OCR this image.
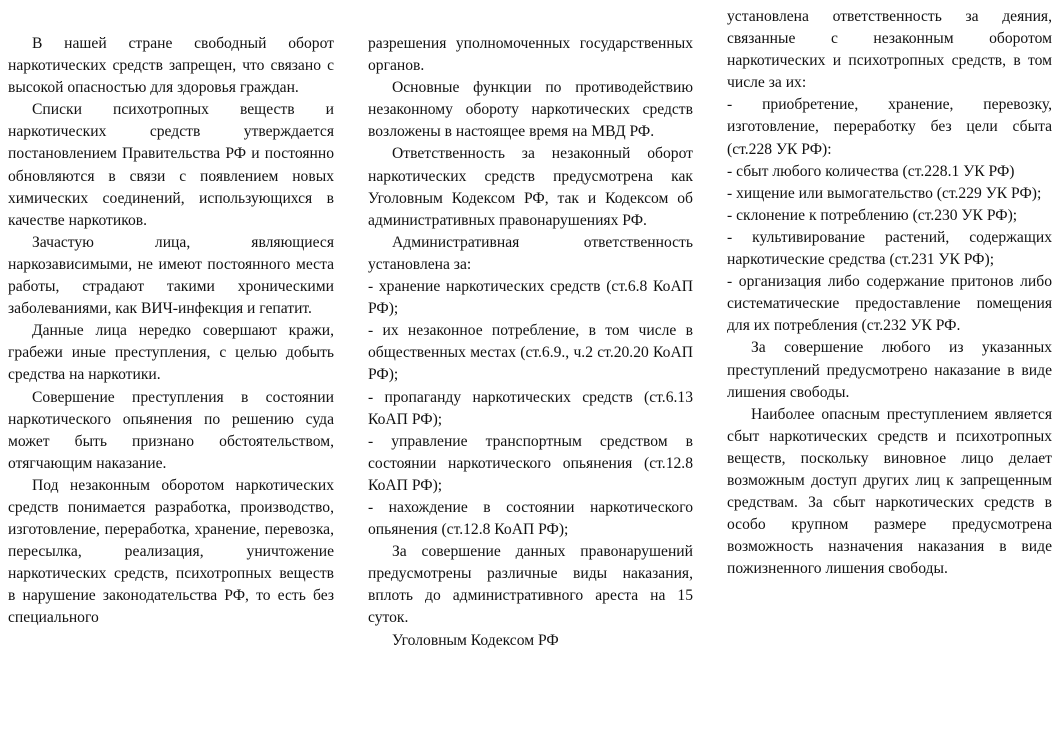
В нашей стране свободный оборот наркотических средств запрещен, что связано с высокой опасностью для здоровья граждан.

Списки психотропных веществ и наркотических средств утверждается постановлением Правительства РФ и постоянно обновляются в связи с появлением новых химических соединений, использующихся в качестве наркотиков.

Зачастую лица, являющиеся наркозависимыми, не имеют постоянного места работы, страдают такими хроническими заболеваниями, как ВИЧ-инфекция и гепатит.

Данные лица нередко совершают кражи, грабежи иные преступления, с целью добыть средства на наркотики.

Совершение преступления в состоянии наркотического опьянения по решению суда может быть признано обстоятельством, отягчающим наказание.

Под незаконным оборотом наркотических средств понимается разработка, производство, изготовление, переработка, хранение, перевозка, пересылка, реализация, уничтожение наркотических средств, психотропных веществ в нарушение законодательства РФ, то есть без специального

разрешения уполномоченных государственных органов.

Основные функции по противодействию незаконному обороту наркотических средств возложены в настоящее время на МВД РФ.

Ответственность за незаконный оборот наркотических средств предусмотрена как Уголовным Кодексом РФ, так и Кодексом об административных правонарушениях РФ.

Административная ответственность установлена за:

- хранение наркотических средств (ст.6.8 КоАП РФ);

- их незаконное потребление, в том числе в общественных местах (ст.6.9., ч.2 ст.20.20 КоАП РФ);

- пропаганду наркотических средств (ст.6.13 КоАП РФ);

- управление транспортным средством в состоянии наркотического опьянения (ст.12.8 КоАП РФ);

- нахождение в состоянии наркотического опьянения (ст.12.8 КоАП РФ);

За совершение данных правонарушений предусмотрены различные виды наказания, вплоть до административного ареста на 15 суток.

Уголовным Кодексом РФ

установлена ответственность за деяния, связанные с незаконным оборотом наркотических и психотропных средств, в том числе за их:

- приобретение, хранение, перевозку, изготовление, переработку без цели сбыта (ст.228 УК РФ):

- сбыт любого количества (ст.228.1 УК РФ)

- хищение или вымогательство (ст.229 УК РФ);

- склонение к потреблению (ст.230 УК РФ);

- культивирование растений, содержащих наркотические средства (ст.231 УК РФ);

- организация либо содержание притонов либо систематические предоставление помещения для их потребления (ст.232 УК РФ.

За совершение любого из указанных преступлений предусмотрено наказание в виде лишения свободы.

Наиболее опасным преступлением является сбыт наркотических средств и психотропных веществ, поскольку виновное лицо делает возможным доступ других лиц к запрещенным средствам. За сбыт наркотических средств в особо крупном размере предусмотрена возможность назначения наказания в виде пожизненного лишения свободы.
